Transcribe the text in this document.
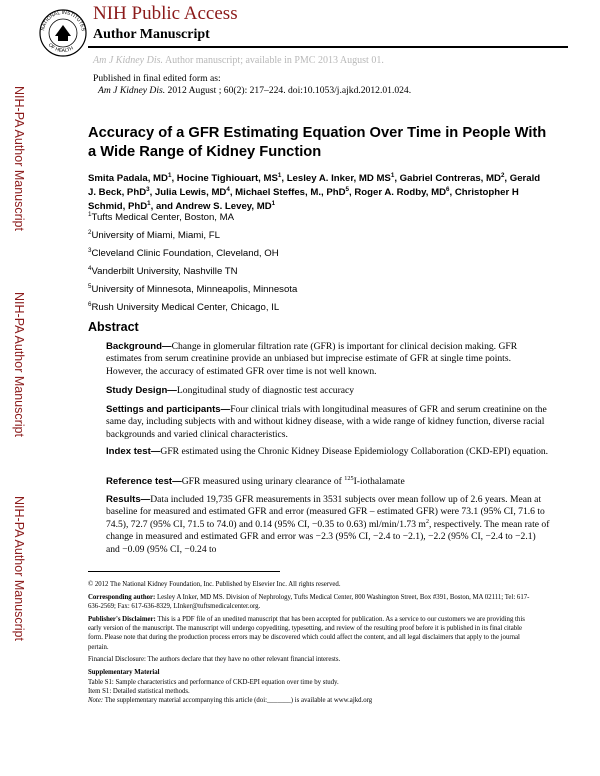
NATIONAL INSTITUTES
OF HEALTH
NIH Public Access
Author Manuscript
Am J Kidney Dis. Author manuscript; available in PMC 2013 August 01.
Published in final edited form as:
Am J Kidney Dis. 2012 August ; 60(2): 217–224. doi:10.1053/j.ajkd.2012.01.024.
NIH-PA Author Manuscript
NIH-PA Author Manuscript
NIH-PA Author Manuscript
Accuracy of a GFR Estimating Equation Over Time in People With a Wide Range of Kidney Function
Smita Padala, $MD^1$, Hocine Tighiouart, $MS^1$, Lesley A. Inker, MD $MS^1$, Gabriel Contreras, $MD^2$, Gerald J. Beck, PhD$^3$, Julia Lewis, $MD^4$, Michael Steffes, M., PhD$^5$, Roger A. Rodby, $MD^6$, Christopher H Schmid, PhD$^1$, and Andrew S. Levey, $MD^1$
$^1$Tufts Medical Center, Boston, MA
$^2$University of Miami, Miami, FL
$^3$Cleveland Clinic Foundation, Cleveland, OH
$^4$Vanderbilt University, Nashville TN
$^5$University of Minnesota, Minneapolis, Minnesota
$^6$Rush University Medical Center, Chicago, IL
Abstract
Background—Change in glomerular filtration rate (GFR) is important for clinical decision making. GFR estimates from serum creatinine provide an unbiased but imprecise estimate of GFR at single time points. However, the accuracy of estimated GFR over time is not well known.
Study Design—Longitudinal study of diagnostic test accuracy
Settings and participants—Four clinical trials with longitudinal measures of GFR and serum creatinine on the same day, including subjects with and without kidney disease, with a wide range of kidney function, diverse racial backgrounds and varied clinical characteristics.
Index test—GFR estimated using the Chronic Kidney Disease Epidemiology Collaboration (CKD-EPI) equation.
Reference test—GFR measured using urinary clearance of $^{125}$I-iothalamate
Results—Data included 19,735 GFR measurements in 3531 subjects over mean follow up of 2.6 years. Mean at baseline for measured and estimated GFR and error (measured GFR – estimated GFR) were 73.1 (95% CI, 71.6 to 74.5), 72.7 (95% CI, 71.5 to 74.0) and 0.14 (95% CI, −0.35 to 0.63) ml/min/1.73 $m^2$, respectively. The mean rate of change in measured and estimated GFR and error was −2.3 (95% CI, −2.4 to −2.1), −2.2 (95% CI, −2.4 to −2.1) and −0.09 (95% CI, −0.24 to
© 2012 The National Kidney Foundation, Inc. Published by Elsevier Inc. All rights reserved.
Corresponding author: Lesley A Inker, MD MS. Division of Nephrology, Tufts Medical Center, 800 Washington Street, Box #391, Boston, MA 02111; Tel: 617-636-2569; Fax: 617-636-8329, LInker@tuftsmedicalcenter.org.
Publisher's Disclaimer: This is a PDF file of an unedited manuscript that has been accepted for publication. As a service to our customers we are providing this early version of the manuscript. The manuscript will undergo copyediting, typesetting, and review of the resulting proof before it is published in its final citable form. Please note that during the production process errors may be discovered which could affect the content, and all legal disclaimers that apply to the journal pertain.
Financial Disclosure: The authors declare that they have no other relevant financial interests.
Supplementary Material
Table S1: Sample characteristics and performance of CKD-EPI equation over time by study.
Item S1: Detailed statistical methods.
Note: The supplementary material accompanying this article (doi:_______) is available at www.ajkd.org
